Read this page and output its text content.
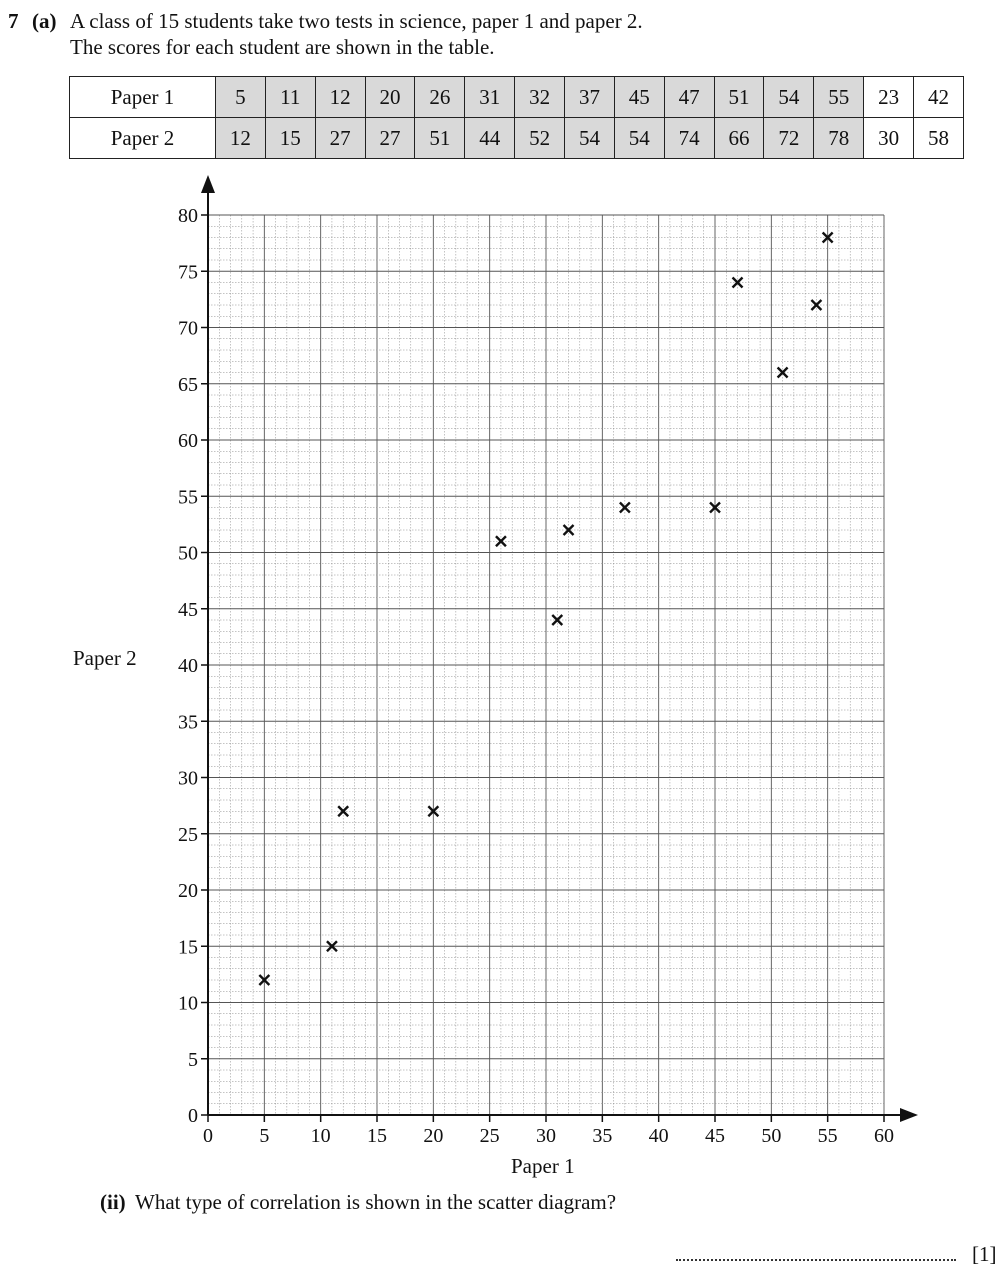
7 (a) A class of 15 students take two tests in science, paper 1 and paper 2.
The scores for each student are shown in the table.
Paper 1	5	11	12	20	26	31	32	37	45	47	51	54	55	23	42
Paper 2	12	15	27	27	51	44	52	54	54	74	66	72	78	30	58
0 5 10 15 20 25 30 35 40 45 50 55 60
0
5
10
15
20
25
30
35
40
45
50
55
60
65
70
75
80
Paper 2
Paper 1
(ii) What type of correlation is shown in the scatter diagram?
[1]
